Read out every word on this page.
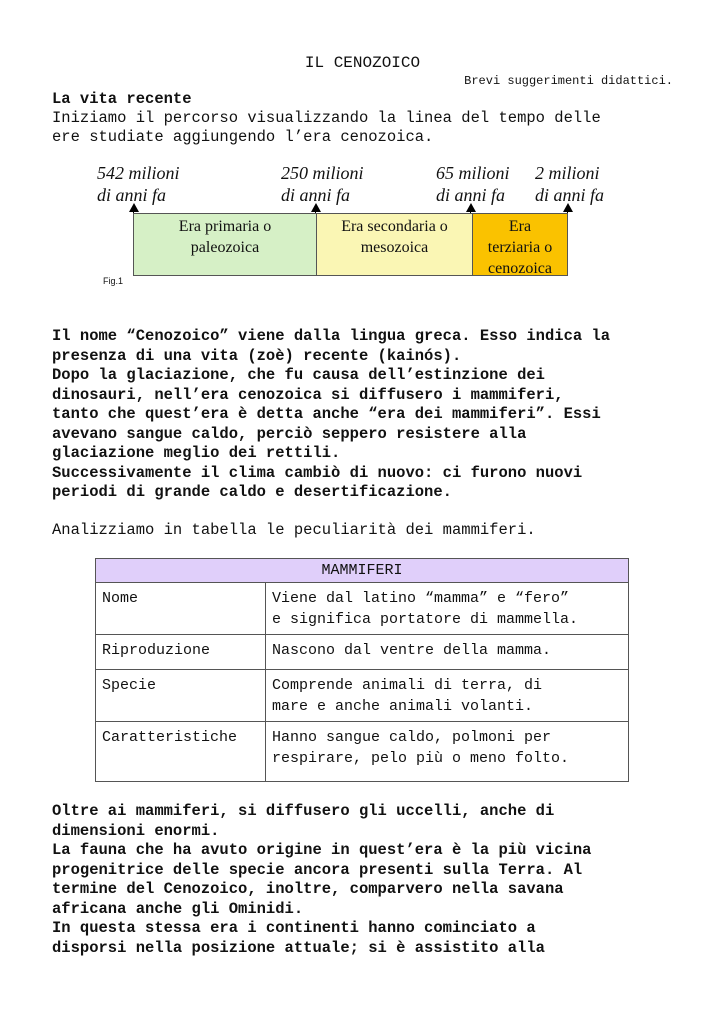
IL CENOZOICO
Brevi suggerimenti didattici.
La vita recente
Iniziamo il percorso visualizzando la linea del tempo delle
ere studiate aggiungendo l’era cenozoica.
542 milioni
di anni fa
250 milioni
di anni fa
65 milioni
di anni fa
2 milioni
di anni fa
Era primaria o
paleozoica
Era secondaria o
mesozoica
Era
terziaria o
cenozoica
Fig.1
Il nome “Cenozoico” viene dalla lingua greca. Esso indica la
presenza di una vita (zoè) recente (kainós).
Dopo la glaciazione, che fu causa dell’estinzione dei
dinosauri, nell’era cenozoica si diffusero i mammiferi,
tanto che quest’era è detta anche “era dei mammiferi”. Essi
avevano sangue caldo, perciò seppero resistere alla
glaciazione meglio dei rettili.
Successivamente il clima cambiò di nuovo: ci furono nuovi
periodi di grande caldo e desertificazione.
Analizziamo in tabella le peculiarità dei mammiferi.
MAMMIFERI	
Nome	Viene dal latino “mamma” e “fero”
e significa portatore di mammella.

Riproduzione	Nascono dal ventre della mamma.

Specie	Comprende animali di terra, di
mare e anche animali volanti.

Caratteristiche	Hanno sangue caldo, polmoni per
respirare, pelo più o meno folto.
Oltre ai mammiferi, si diffusero gli uccelli, anche di
dimensioni enormi.
La fauna che ha avuto origine in quest’era è la più vicina
progenitrice delle specie ancora presenti sulla Terra. Al
termine del Cenozoico, inoltre, comparvero nella savana
africana anche gli Ominidi.
In questa stessa era i continenti hanno cominciato a
disporsi nella posizione attuale; si è assistito alla
